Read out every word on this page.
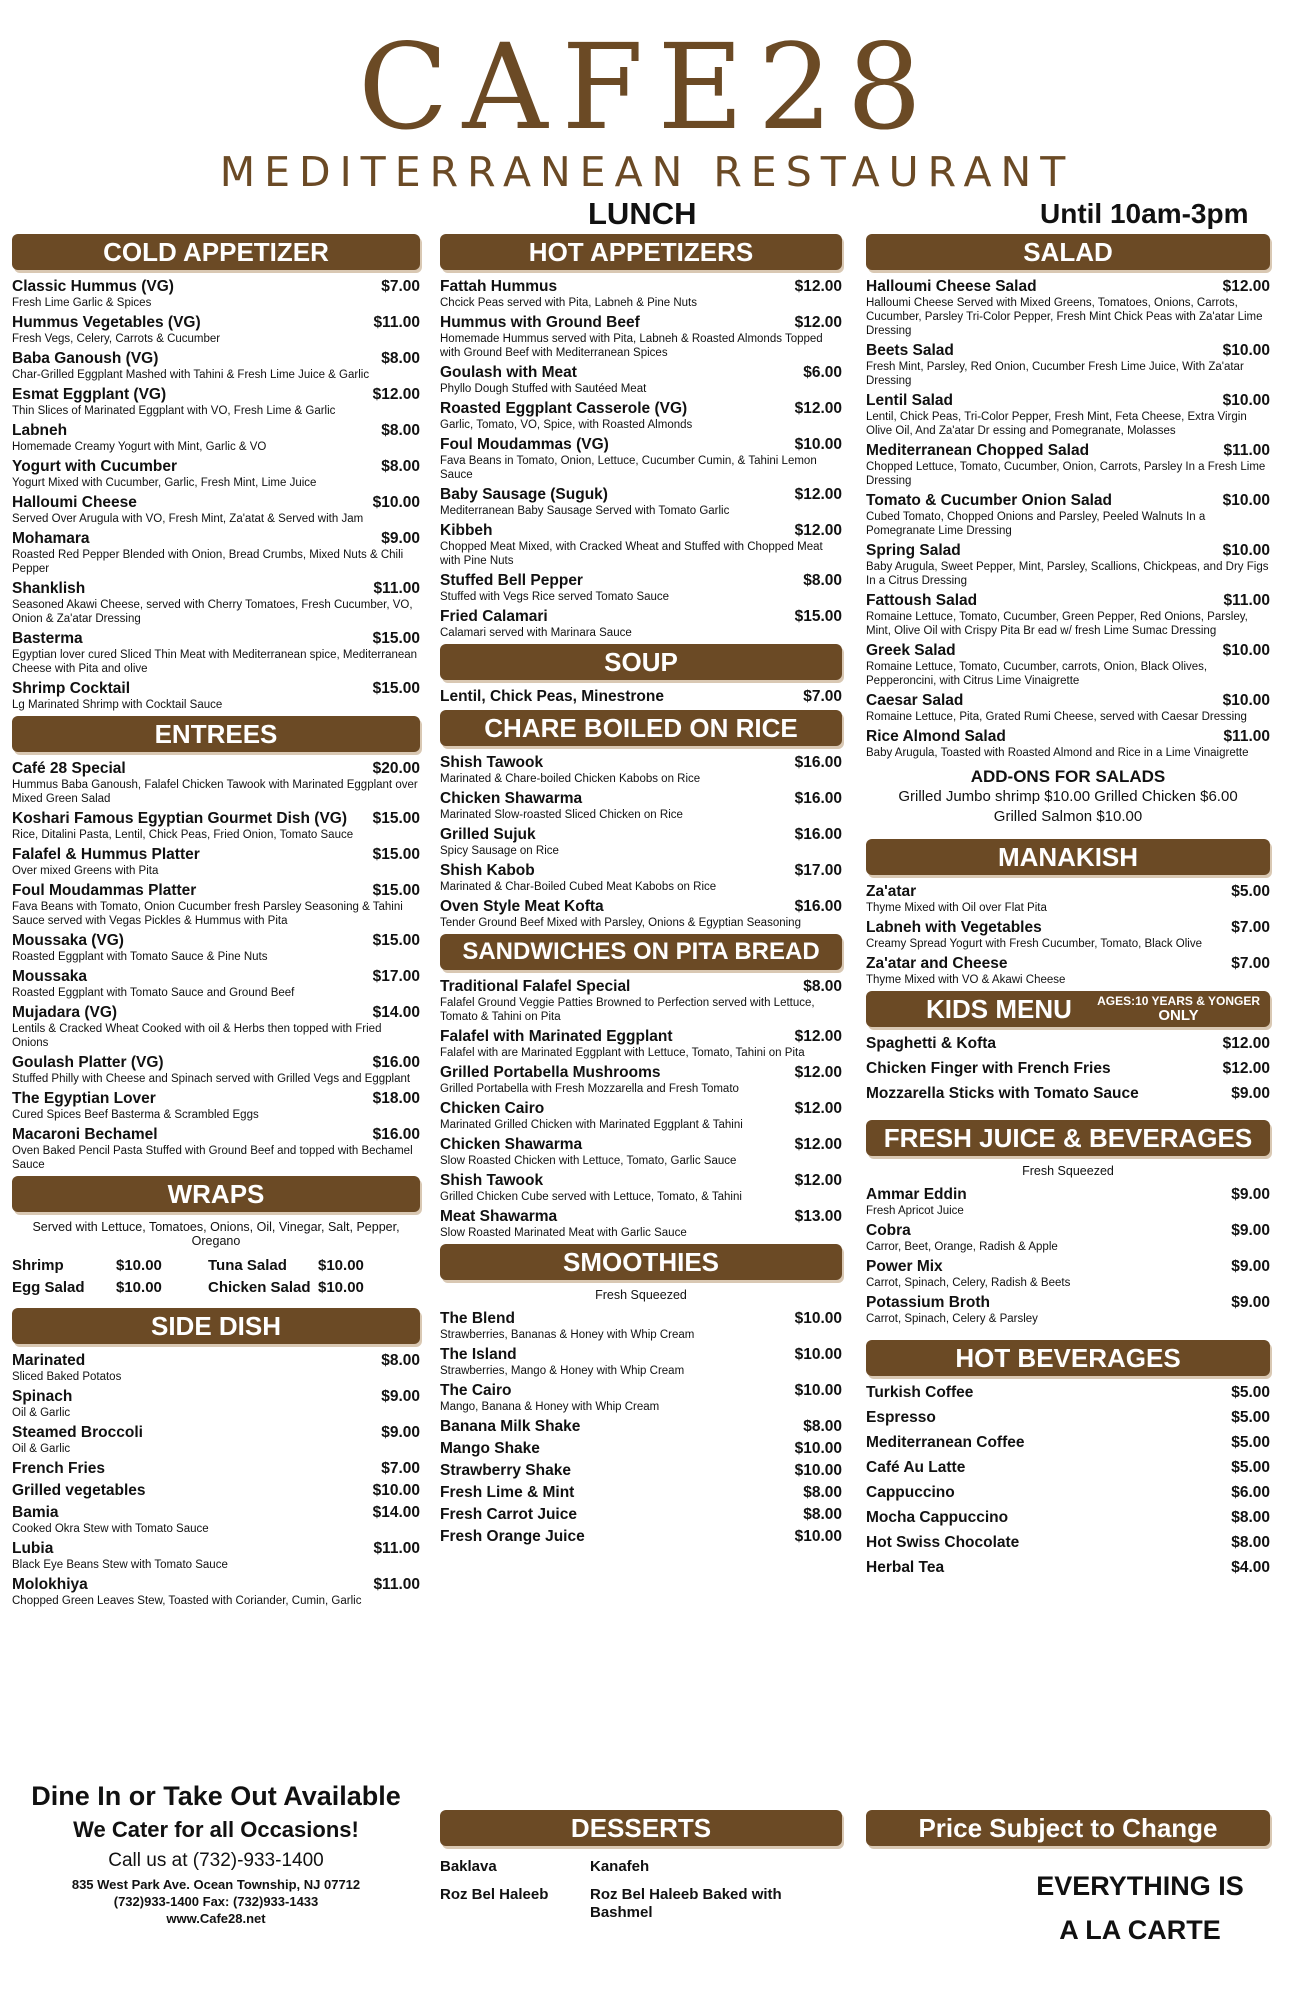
CAFE28
MEDITERRANEAN RESTAURANT
LUNCH	Until 10am-3pm
COLD APPETIZER
Classic Hummus (VG)	$7.00
Fresh Lime Garlic & Spices
Hummus Vegetables (VG)	$11.00
Fresh Vegs, Celery, Carrots & Cucumber
Baba Ganoush (VG)	$8.00
Char-Grilled Eggplant Mashed with Tahini & Fresh Lime Juice & Garlic
Esmat Eggplant (VG)	$12.00
Thin Slices of Marinated Eggplant with VO, Fresh Lime & Garlic
Labneh	$8.00
Homemade Creamy Yogurt with Mint, Garlic & VO
Yogurt with Cucumber	$8.00
Yogurt Mixed with Cucumber, Garlic, Fresh Mint, Lime Juice
Halloumi Cheese	$10.00
Served Over Arugula with VO, Fresh Mint, Za'atat & Served with Jam
Mohamara	$9.00
Roasted Red Pepper Blended with Onion, Bread Crumbs, Mixed Nuts & Chili Pepper
Shanklish	$11.00
Seasoned Akawi Cheese, served with Cherry Tomatoes, Fresh Cucumber, VO, Onion & Za'atar Dressing
Basterma	$15.00
Egyptian lover cured Sliced Thin Meat with Mediterranean spice, Mediterranean Cheese with Pita and olive
Shrimp Cocktail	$15.00
Lg Marinated Shrimp with Cocktail Sauce
ENTREES
Café 28 Special	$20.00
Hummus Baba Ganoush, Falafel Chicken Tawook with Marinated Eggplant over Mixed Green Salad
Koshari Famous Egyptian Gourmet Dish (VG) $15.00
Rice, Ditalini Pasta, Lentil, Chick Peas, Fried Onion, Tomato Sauce
Falafel & Hummus Platter	$15.00
Over mixed Greens with Pita
Foul Moudammas Platter	$15.00
Fava Beans with Tomato, Onion Cucumber fresh Parsley Seasoning & Tahini Sauce served with Vegas Pickles & Hummus with Pita
Moussaka (VG)	$15.00
Roasted Eggplant with Tomato Sauce & Pine Nuts
Moussaka	$17.00
Roasted Eggplant with Tomato Sauce and Ground Beef
Mujadara (VG)	$14.00
Lentils & Cracked Wheat Cooked with oil & Herbs then topped with Fried Onions
Goulash Platter (VG)	$16.00
Stuffed Philly with Cheese and Spinach served with Grilled Vegs and Eggplant
The Egyptian Lover	$18.00
Cured Spices Beef Basterma & Scrambled Eggs
Macaroni Bechamel	$16.00
Oven Baked Pencil Pasta Stuffed with Ground Beef and topped with Bechamel Sauce
WRAPS
Served with Lettuce, Tomatoes, Onions, Oil, Vinegar, Salt, Pepper, Oregano
Shrimp	$10.00	Tuna Salad	$10.00
Egg Salad	$10.00	Chicken Salad $10.00
SIDE DISH
Marinated	$8.00
Sliced Baked Potatos
Spinach	$9.00
Oil & Garlic
Steamed Broccoli	$9.00
Oil & Garlic
French Fries	$7.00
Grilled vegetables	$10.00
Bamia	$14.00
Cooked Okra Stew with Tomato Sauce
Lubia	$11.00
Black Eye Beans Stew with Tomato Sauce
Molokhiya	$11.00
Chopped Green Leaves Stew, Toasted with Coriander, Cumin, Garlic
Dine In or Take Out Available
We Cater for all Occasions!
Call us at (732)-933-1400
835 West Park Ave. Ocean Township, NJ 07712
(732)933-1400 Fax: (732)933-1433
www.Cafe28.net
HOT APPETIZERS
Fattah Hummus	$12.00
Chcick Peas served with Pita, Labneh & Pine Nuts
Hummus with Ground Beef	$12.00
Homemade Hummus served with Pita, Labneh & Roasted Almonds Topped with Ground Beef with Mediterranean Spices
Goulash with Meat	$6.00
Phyllo Dough Stuffed with Sautéed Meat
Roasted Eggplant Casserole (VG)	$12.00
Garlic, Tomato, VO, Spice, with Roasted Almonds
Foul Moudammas (VG)	$10.00
Fava Beans in Tomato, Onion, Lettuce, Cucumber Cumin, & Tahini Lemon Sauce
Baby Sausage (Suguk)	$12.00
Mediterranean Baby Sausage Served with Tomato Garlic
Kibbeh	$12.00
Chopped Meat Mixed, with Cracked Wheat and Stuffed with Chopped Meat with Pine Nuts
Stuffed Bell Pepper	$8.00
Stuffed with Vegs Rice served Tomato Sauce
Fried Calamari	$15.00
Calamari served with Marinara Sauce
SOUP
Lentil, Chick Peas, Minestrone	$7.00
CHARE BOILED ON RICE
Shish Tawook	$16.00
Marinated & Chare-boiled Chicken Kabobs on Rice
Chicken Shawarma	$16.00
Marinated Slow-roasted Sliced Chicken on Rice
Grilled Sujuk	$16.00
Spicy Sausage on Rice
Shish Kabob	$17.00
Marinated & Char-Boiled Cubed Meat Kabobs on Rice
Oven Style Meat Kofta	$16.00
Tender Ground Beef Mixed with Parsley, Onions & Egyptian Seasoning
SANDWICHES ON PITA BREAD
Traditional Falafel Special	$8.00
Falafel Ground Veggie Patties Browned to Perfection served with Lettuce, Tomato & Tahini on Pita
Falafel with Marinated Eggplant	$12.00
Falafel with are Marinated Eggplant with Lettuce, Tomato, Tahini on Pita
Grilled Portabella Mushrooms	$12.00
Grilled Portabella with Fresh Mozzarella and Fresh Tomato
Chicken Cairo	$12.00
Marinated Grilled Chicken with Marinated Eggplant & Tahini
Chicken Shawarma	$12.00
Slow Roasted Chicken with Lettuce, Tomato, Garlic Sauce
Shish Tawook	$12.00
Grilled Chicken Cube served with Lettuce, Tomato, & Tahini
Meat Shawarma	$13.00
Slow Roasted Marinated Meat with Garlic Sauce
SMOOTHIES
Fresh Squeezed
The Blend	$10.00
Strawberries, Bananas & Honey with Whip Cream
The Island	$10.00
Strawberries, Mango & Honey with Whip Cream
The Cairo	$10.00
Mango, Banana & Honey with Whip Cream
Banana Milk Shake	$8.00
Mango Shake	$10.00
Strawberry Shake	$10.00
Fresh Lime & Mint	$8.00
Fresh Carrot Juice	$8.00
Fresh Orange Juice	$10.00
DESSERTS
Baklava	Kanafeh
Roz Bel Haleeb	Roz Bel Haleeb Baked with Bashmel
SALAD
Halloumi Cheese Salad	$12.00
Halloumi Cheese Served with Mixed Greens, Tomatoes, Onions, Carrots, Cucumber, Parsley Tri-Color Pepper, Fresh Mint Chick Peas with Za'atar Lime Dressing
Beets Salad	$10.00
Fresh Mint, Parsley, Red Onion, Cucumber Fresh Lime Juice, With Za'atar Dressing
Lentil Salad	$10.00
Lentil, Chick Peas, Tri-Color Pepper, Fresh Mint, Feta Cheese, Extra Virgin Olive Oil, And Za'atar Dr essing and Pomegranate, Molasses
Mediterranean Chopped Salad	$11.00
Chopped Lettuce, Tomato, Cucumber, Onion, Carrots, Parsley In a Fresh Lime Dressing
Tomato & Cucumber Onion Salad	$10.00
Cubed Tomato, Chopped Onions and Parsley, Peeled Walnuts In a Pomegranate Lime Dressing
Spring Salad	$10.00
Baby Arugula, Sweet Pepper, Mint, Parsley, Scallions, Chickpeas, and Dry Figs In a Citrus Dressing
Fattoush Salad	$11.00
Romaine Lettuce, Tomato, Cucumber, Green Pepper, Red Onions, Parsley, Mint, Olive Oil with Crispy Pita Br ead w/ fresh Lime Sumac Dressing
Greek Salad	$10.00
Romaine Lettuce, Tomato, Cucumber, carrots, Onion, Black Olives, Pepperoncini, with Citrus Lime Vinaigrette
Caesar Salad	$10.00
Romaine Lettuce, Pita, Grated Rumi Cheese, served with Caesar Dressing
Rice Almond Salad	$11.00
Baby Arugula, Toasted with Roasted Almond and Rice in a Lime Vinaigrette
ADD-ONS FOR SALADS
Grilled Jumbo shrimp $10.00 Grilled Chicken $6.00
Grilled Salmon $10.00
MANAKISH
Za'atar	$5.00
Thyme Mixed with Oil over Flat Pita
Labneh with Vegetables	$7.00
Creamy Spread Yogurt with Fresh Cucumber, Tomato, Black Olive
Za'atar and Cheese	$7.00
Thyme Mixed with VO & Akawi Cheese
KIDS MENU AGES:10 YEARS & YONGER
ONLY
Spaghetti & Kofta	$12.00
Chicken Finger with French Fries	$12.00
Mozzarella Sticks with Tomato Sauce	$9.00
FRESH JUICE & BEVERAGES
Fresh Squeezed
Ammar Eddin	$9.00
Fresh Apricot Juice
Cobra	$9.00
Carror, Beet, Orange, Radish & Apple
Power Mix	$9.00
Carrot, Spinach, Celery, Radish & Beets
Potassium Broth	$9.00
Carrot, Spinach, Celery & Parsley
HOT BEVERAGES
Turkish Coffee	$5.00
Espresso	$5.00
Mediterranean Coffee	$5.00
Café Au Latte	$5.00
Cappuccino	$6.00
Mocha Cappuccino	$8.00
Hot Swiss Chocolate	$8.00
Herbal Tea	$4.00
Price Subject to Change
EVERYTHING IS
A LA CARTE
